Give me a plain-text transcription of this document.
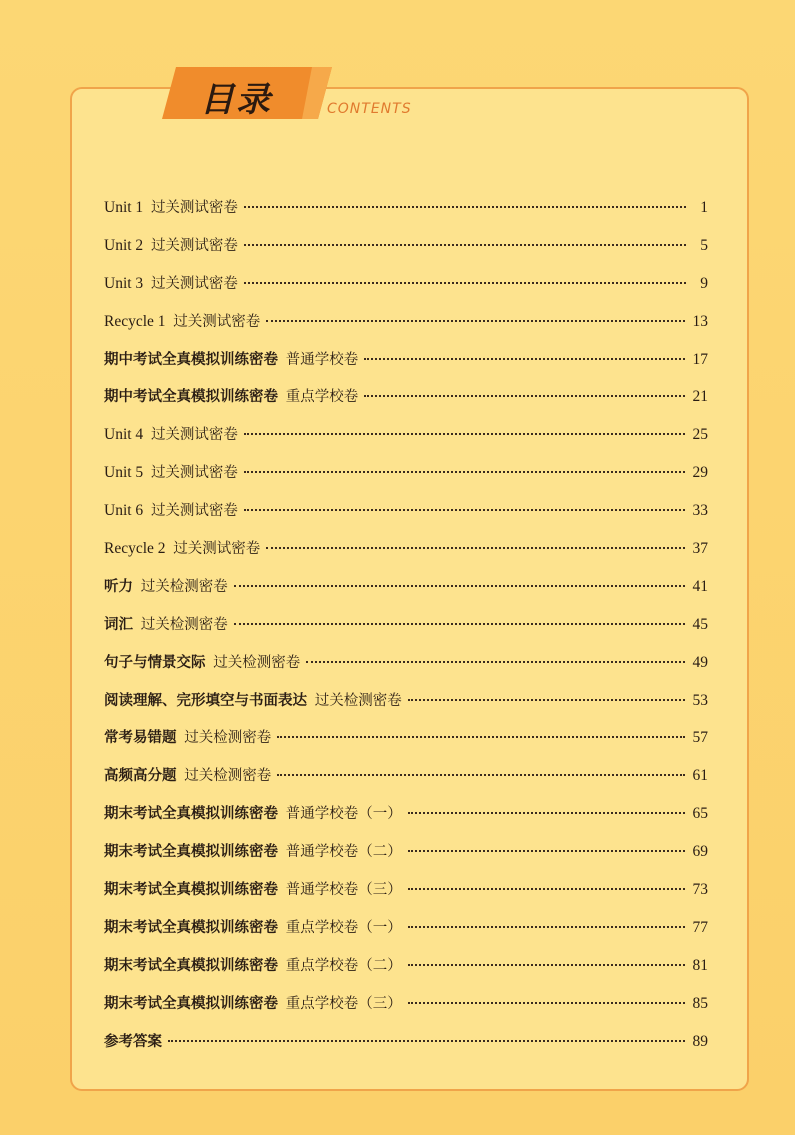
目录	CONTENTS
Unit 1 过关测试密卷	1
Unit 2 过关测试密卷	5
Unit 3 过关测试密卷	9
Recycle 1 过关测试密卷	13
期中考试全真模拟训练密卷 普通学校卷	17
期中考试全真模拟训练密卷 重点学校卷	21
Unit 4 过关测试密卷	25
Unit 5 过关测试密卷	29
Unit 6 过关测试密卷	33
Recycle 2 过关测试密卷	37
听力 过关检测密卷	41
词汇 过关检测密卷	45
句子与情景交际 过关检测密卷	49
阅读理解、完形填空与书面表达 过关检测密卷	53
常考易错题 过关检测密卷	57
高频高分题 过关检测密卷	61
期末考试全真模拟训练密卷 普通学校卷（一）	65
期末考试全真模拟训练密卷 普通学校卷（二）	69
期末考试全真模拟训练密卷 普通学校卷（三）	73
期末考试全真模拟训练密卷 重点学校卷（一）	77
期末考试全真模拟训练密卷 重点学校卷（二）	81
期末考试全真模拟训练密卷 重点学校卷（三）	85
参考答案	89
